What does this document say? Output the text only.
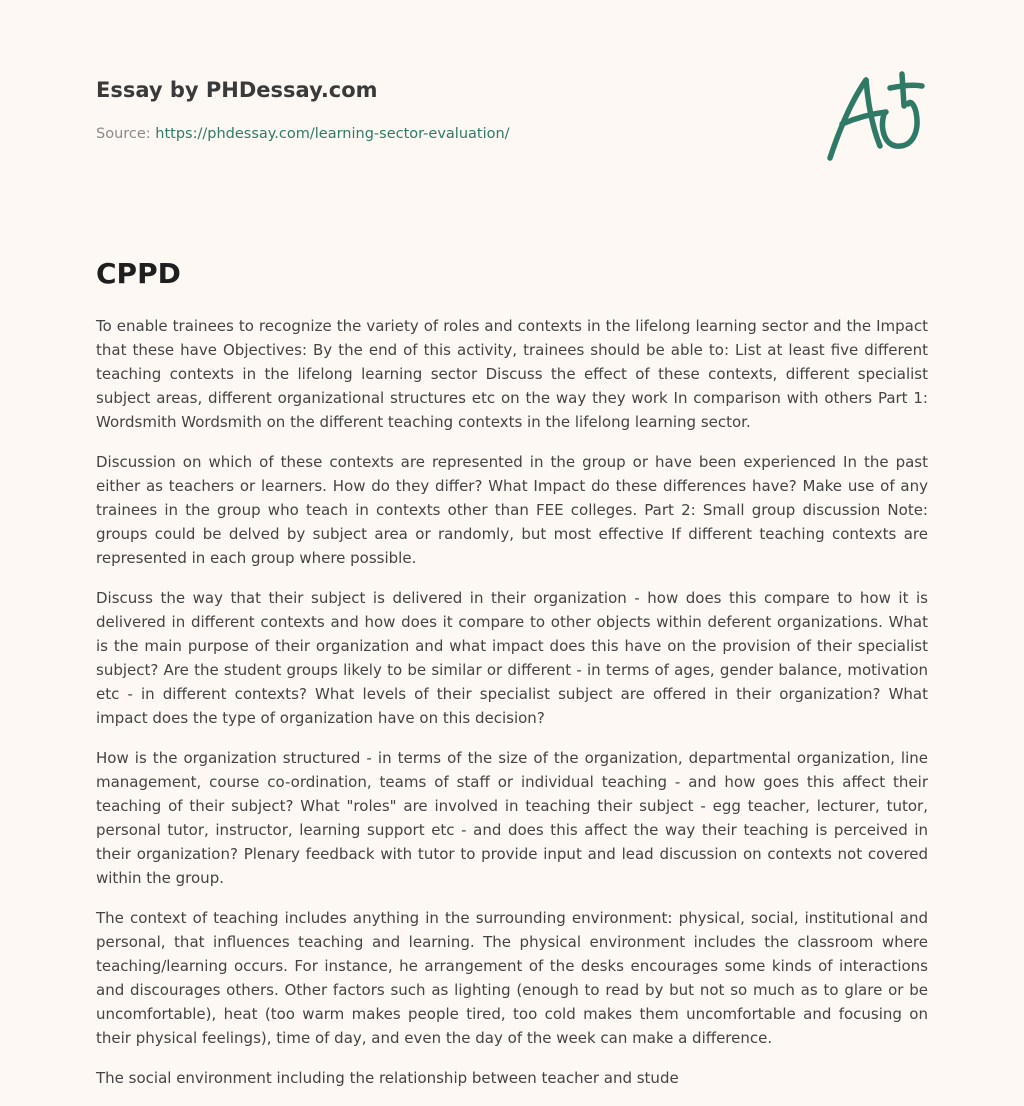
Essay by PHDessay.com
Source: https://phdessay.com/learning-sector-evaluation/
CPPD

To enable trainees to recognize the variety of roles and contexts in the lifelong learning sector and the Impact that these have Objectives: By the end of this activity, trainees should be able to: List at least five different teaching contexts in the lifelong learning sector Discuss the effect of these contexts, different specialist subject areas, different organizational structures etc on the way they work In comparison with others Part 1: Wordsmith Wordsmith on the different teaching contexts in the lifelong learning sector.

Discussion on which of these contexts are represented in the group or have been experienced In the past either as teachers or learners. How do they differ? What Impact do these differences have? Make use of any trainees in the group who teach in contexts other than FEE colleges. Part 2: Small group discussion Note: groups could be delved by subject area or randomly, but most effective If different teaching contexts are represented in each group where possible.

Discuss the way that their subject is delivered in their organization - how does this compare to how it is delivered in different contexts and how does it compare to other objects within deferent organizations. What is the main purpose of their organization and what impact does this have on the provision of their specialist subject? Are the student groups likely to be similar or different - in terms of ages, gender balance, motivation etc - in different contexts? What levels of their specialist subject are offered in their organization? What impact does the type of organization have on this decision?

How is the organization structured - in terms of the size of the organization, departmental organization, line management, course co-ordination, teams of staff or individual teaching - and how goes this affect their teaching of their subject? What "roles" are involved in teaching their subject - egg teacher, lecturer, tutor, personal tutor, instructor, learning support etc - and does this affect the way their teaching is perceived in their organization? Plenary feedback with tutor to provide input and lead discussion on contexts not covered within the group.

The context of teaching includes anything in the surrounding environment: physical, social, institutional and personal, that influences teaching and learning. The physical environment includes the classroom where teaching/learning occurs. For instance, he arrangement of the desks encourages some kinds of interactions and discourages others. Other factors such as lighting (enough to read by but not so much as to glare or be uncomfortable), heat (too warm makes people tired, too cold makes them uncomfortable and focusing on their physical feelings), time of day, and even the day of the week can make a difference.

The social environment including the relationship between teacher and stude
